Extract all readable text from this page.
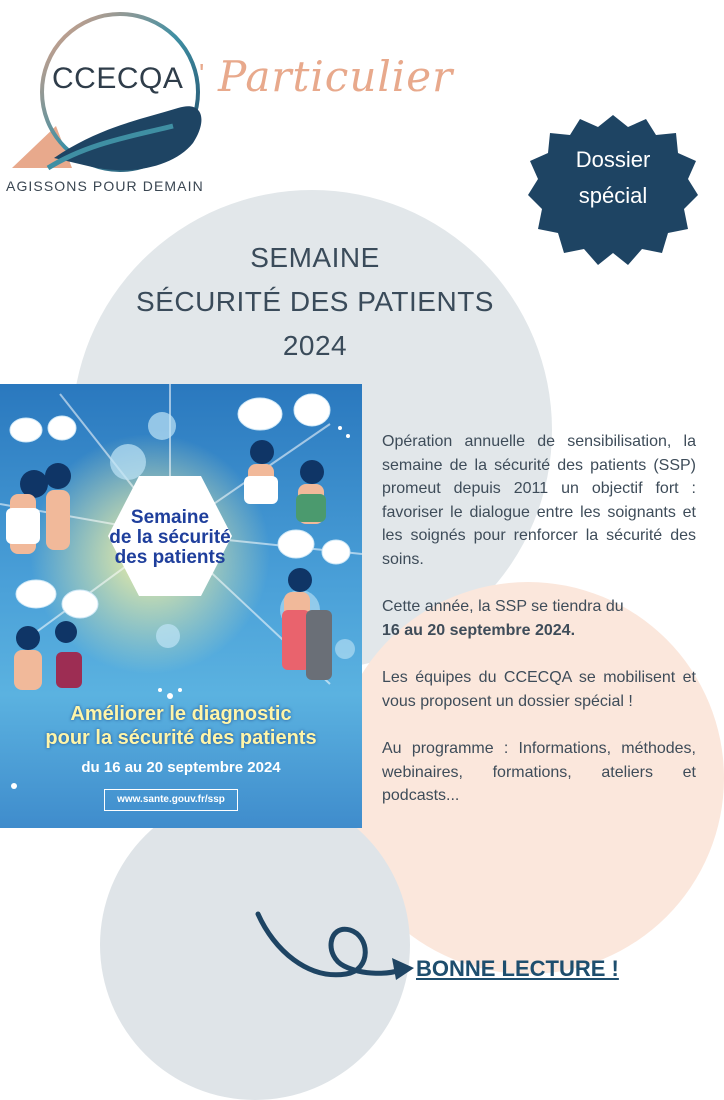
CCECQA ' Particulier
AGISSONS POUR DEMAIN
Dossier
spécial
SEMAINE
SÉCURITÉ DES PATIENTS
2024
Semaine
de la sécurité
des patients
Améliorer le diagnostic
pour la sécurité des patients
du 16 au 20 septembre 2024
www.sante.gouv.fr/ssp

Opération annuelle de sensibilisation, la semaine de la sécurité des patients (SSP) promeut depuis 2011 un objectif fort : favoriser le dialogue entre les soignants et les soignés pour renforcer la sécurité des soins.

Cette année, la SSP se tiendra du

16 au 20 septembre 2024.

Les équipes du CCECQA se mobilisent et vous proposent un dossier spécial !

Au programme : Informations, méthodes, webinaires, formations, ateliers et podcasts...

BONNE LECTURE !
